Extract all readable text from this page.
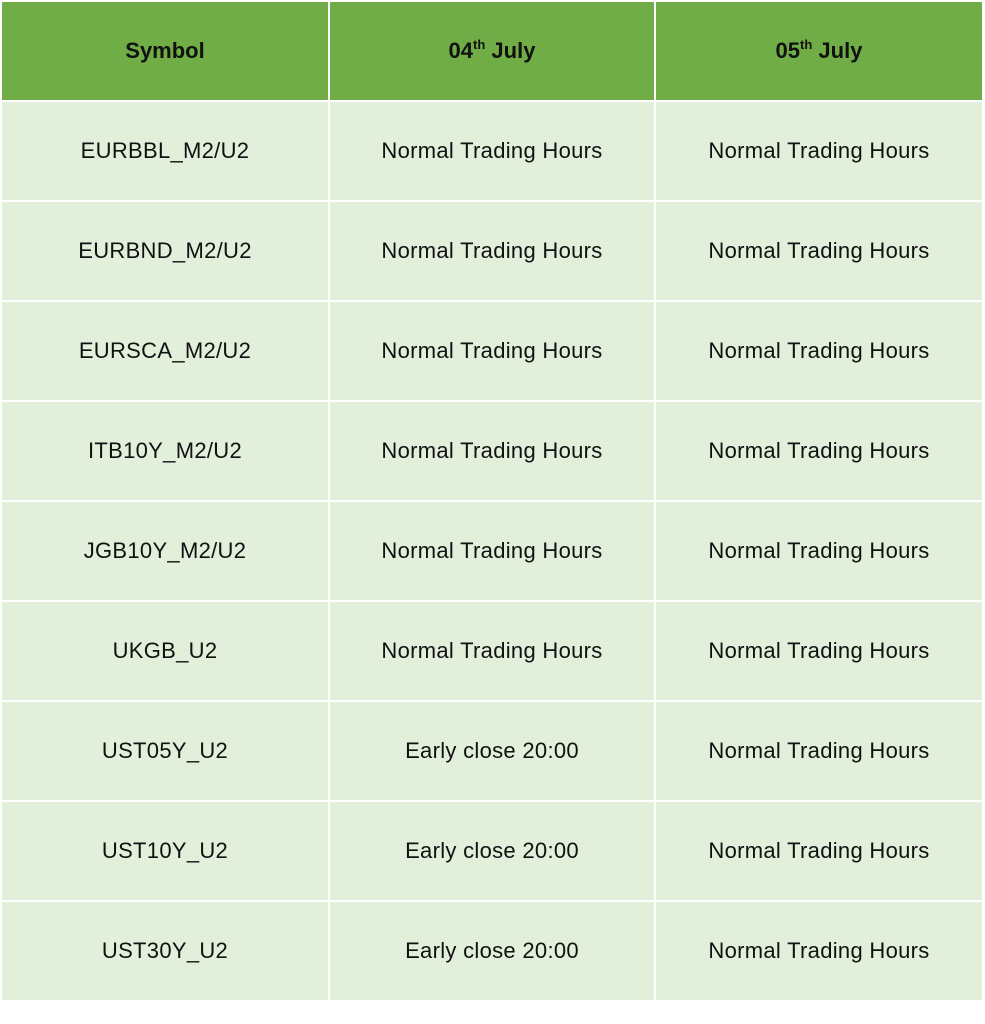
Symbol	04th July	05th July
EURBBL_M2/U2	Normal Trading Hours	Normal Trading Hours
EURBND_M2/U2	Normal Trading Hours	Normal Trading Hours
EURSCA_M2/U2	Normal Trading Hours	Normal Trading Hours
ITB10Y_M2/U2	Normal Trading Hours	Normal Trading Hours
JGB10Y_M2/U2	Normal Trading Hours	Normal Trading Hours
UKGB_U2	Normal Trading Hours	Normal Trading Hours
UST05Y_U2	Early close 20:00	Normal Trading Hours
UST10Y_U2	Early close 20:00	Normal Trading Hours
UST30Y_U2	Early close 20:00	Normal Trading Hours
